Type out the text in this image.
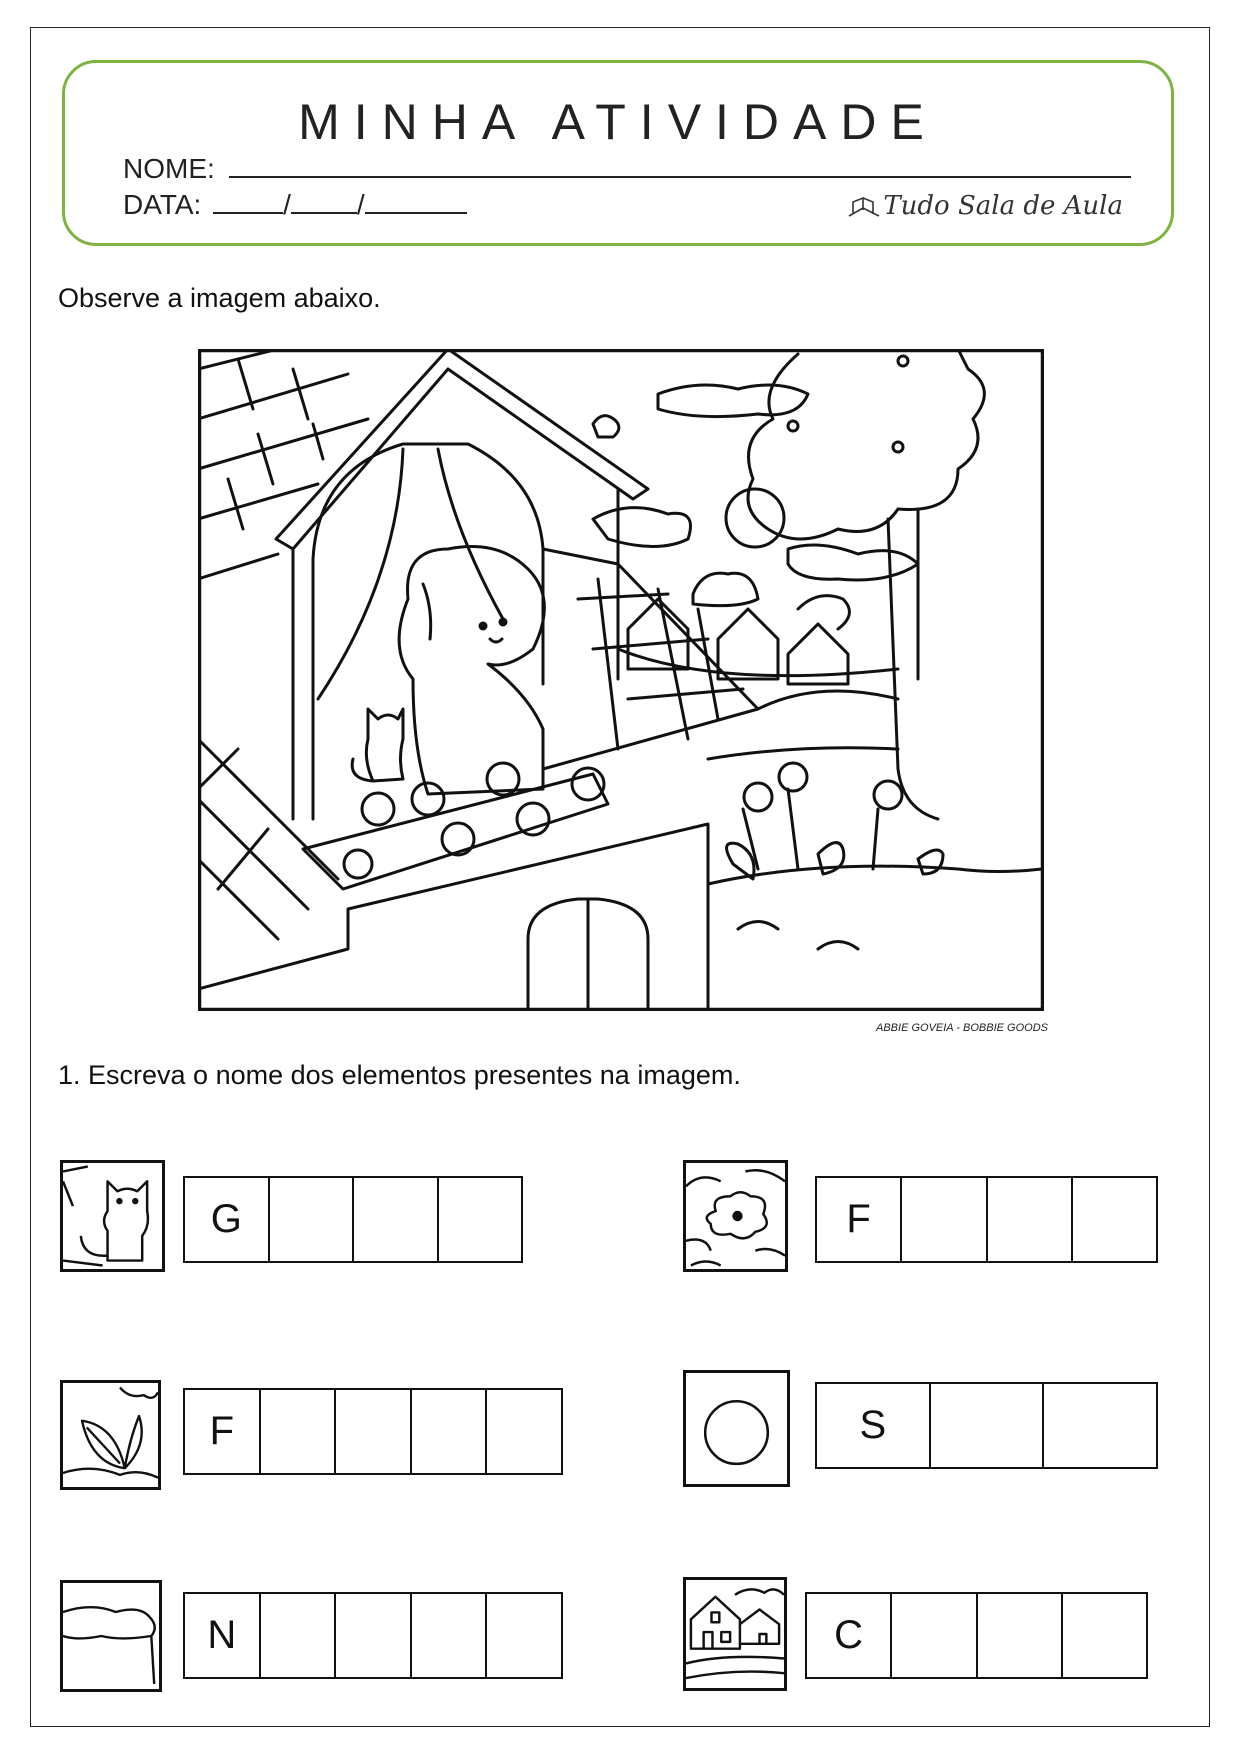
MINHA ATIVIDADE
NOME:
DATA:	/ /	Tudo Sala de Aula
Observe a imagem abaixo.
ABBIE GOVEIA - BOBBIE GOODS
1. Escreva o nome dos elementos presentes na imagem.
G	F
F	S
N	C
